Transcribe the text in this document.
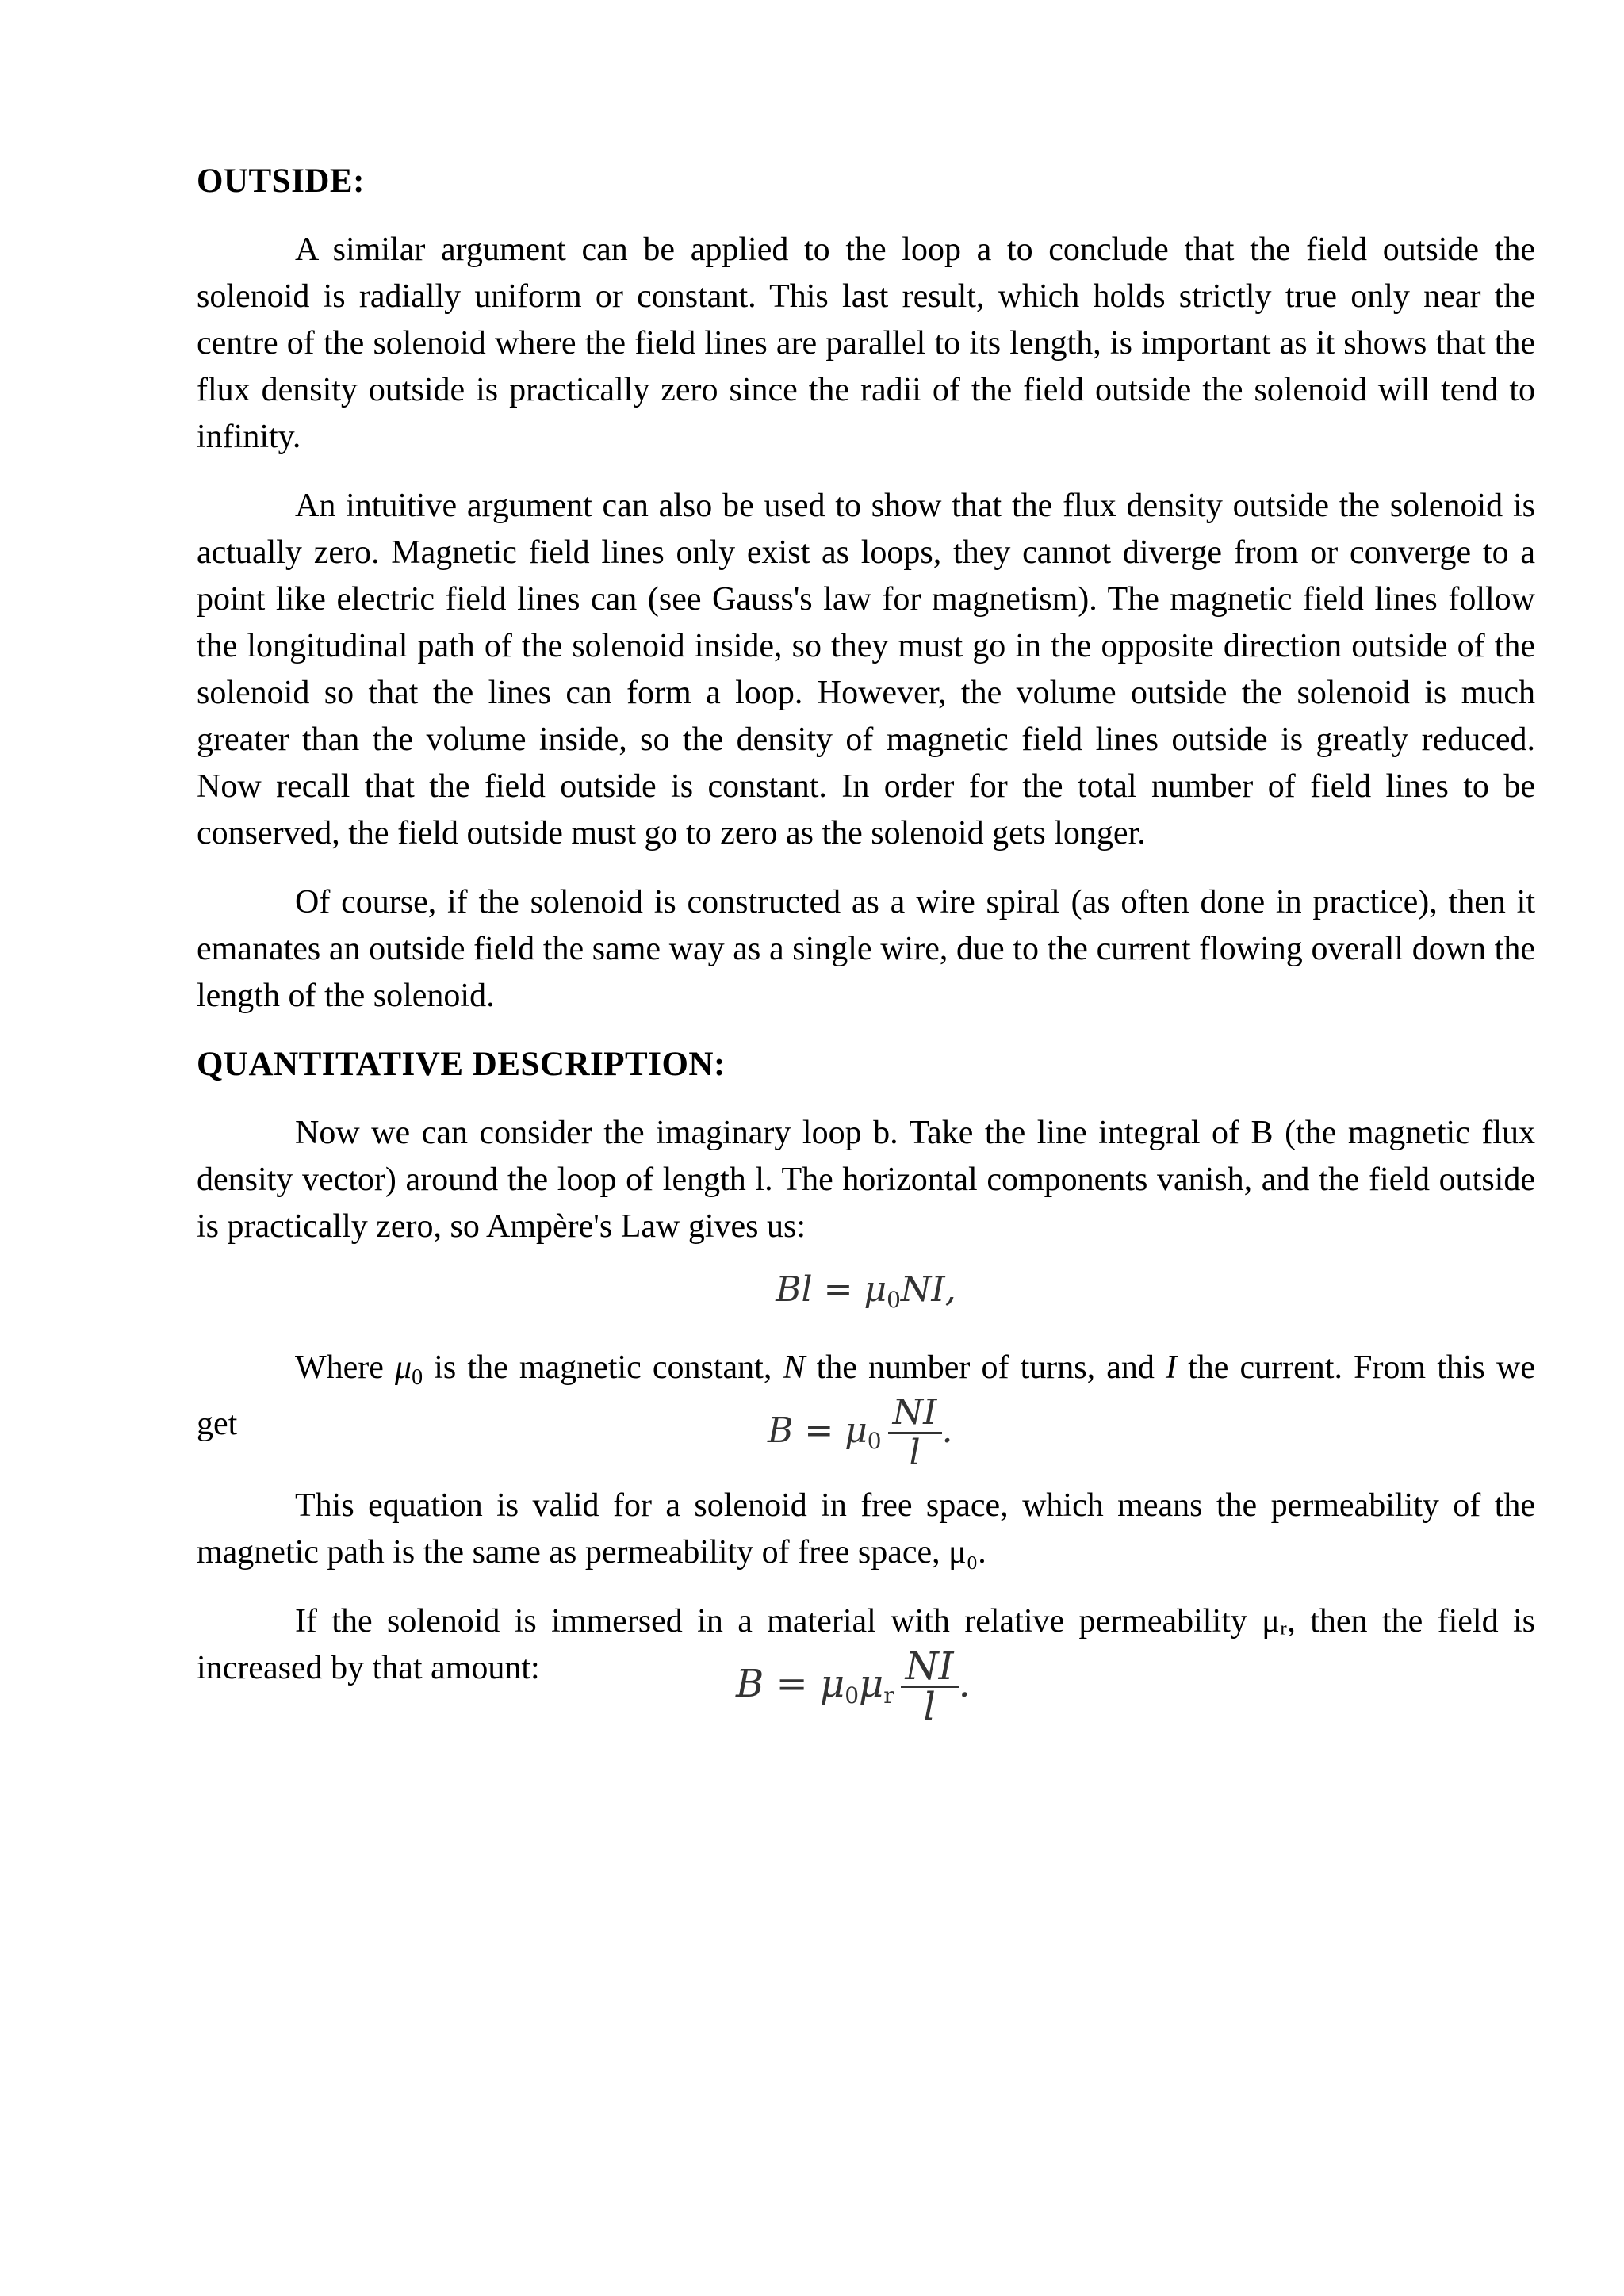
OUTSIDE:

A similar argument can be applied to the loop a to conclude that the field outside the solenoid is radially uniform or constant. This last result, which holds strictly true only near the centre of the solenoid where the field lines are parallel to its length, is important as it shows that the flux density outside is practically zero since the radii of the field outside the solenoid will tend to infinity.

An intuitive argument can also be used to show that the flux density outside the solenoid is actually zero. Magnetic field lines only exist as loops, they cannot diverge from or converge to a point like electric field lines can (see Gauss's law for magnetism). The magnetic field lines follow the longitudinal path of the solenoid inside, so they must go in the opposite direction outside of the solenoid so that the lines can form a loop. However, the volume outside the solenoid is much greater than the volume inside, so the density of magnetic field lines outside is greatly reduced. Now recall that the field outside is constant. In order for the total number of field lines to be conserved, the field outside must go to zero as the solenoid gets longer.

Of course, if the solenoid is constructed as a wire spiral (as often done in practice), then it emanates an outside field the same way as a single wire, due to the current flowing overall down the length of the solenoid.

QUANTITATIVE DESCRIPTION:

Now we can consider the imaginary loop b. Take the line integral of B (the magnetic flux density vector) around the loop of length l. The horizontal components vanish, and the field outside is practically zero, so Ampère's Law gives us:

$Bl = \mu_0NI$,

Where $\mu_0$ is the magnetic constant, N the number of turns, and I the current. From this we get	$B = \mu_0 \frac{NI}{l}$ .

This equation is valid for a solenoid in free space, which means the permeability of the magnetic path is the same as permeability of free space, μ₀.

If the solenoid is immersed in a material with relative permeability μᵣ, then the field is increased by that amount:	$B = \mu_0\mu_r \frac{NI}{l}$ .
